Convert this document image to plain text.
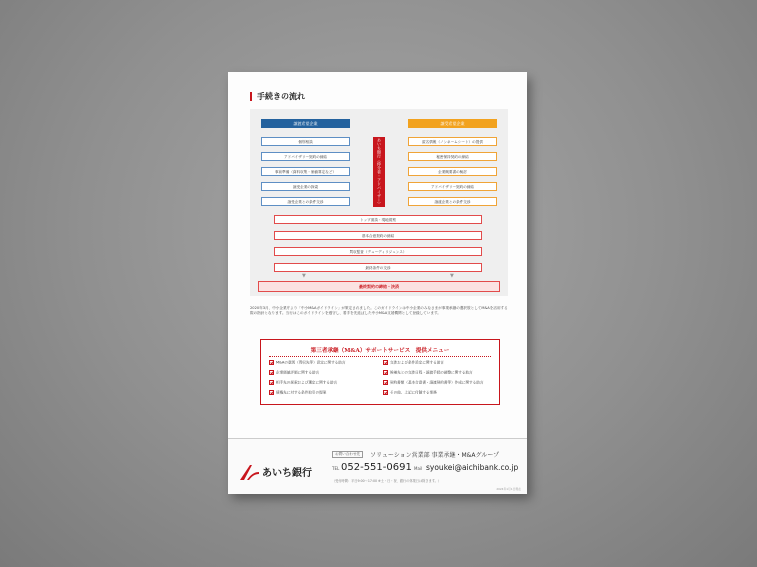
手続きの流れ
譲渡希望企業	譲受希望企業
個別相談
アドバイザリー契約の締結
事前準備（資料収集・価値算定など）
譲受企業の探索
譲受企業との条件交渉	あいち銀行（仲介者・アドバイザー）	匿名情報（ノンネームシート）の提供
秘密保持契約の締結
企業概要書の検討
アドバイザリー契約の締結
譲渡企業との条件交渉
トップ面談・現地視察
基本合意契約の締結
買収監査（デューディリジェンス）
最終条件の交渉
▼	▼
最終契約の締結・決済
2020年3月、中小企業庁より「中小M&Aガイドライン」が策定されました。このガイドラインは中小企業のみなさまが事業承継の選択肢としてM&Aを活用する際の指針となります。当行はこのガイドラインを遵守し、着手を先延ばした中小M&A支援機関として登録しています。
第三者承継（M&A）サポートサービス　提供メニュー
M&Aの意図（買収先等）設定に関する助言
企業価値評価に関する助言
相手先の探索および選定に関する助言
債権先に対する条件取引の提案
交渉および条件設定に関する助言
候補先との交渉日程・譲渡手続の調整に関する助言
契約書類（基本合意書・譲渡契約書等）作成に関する助言
その他、上記に付随する業務
あいち銀行
お問い合わせ先	ソリューション営業部 事業承継・M&Aグループ
TEL 052-551-0691 Mail syoukei@aichibank.co.jp
（受付時間：平日9:00〜17:00 ※土・日・祝、銀行の休業日は除きます。）
2024年1月1日現在
